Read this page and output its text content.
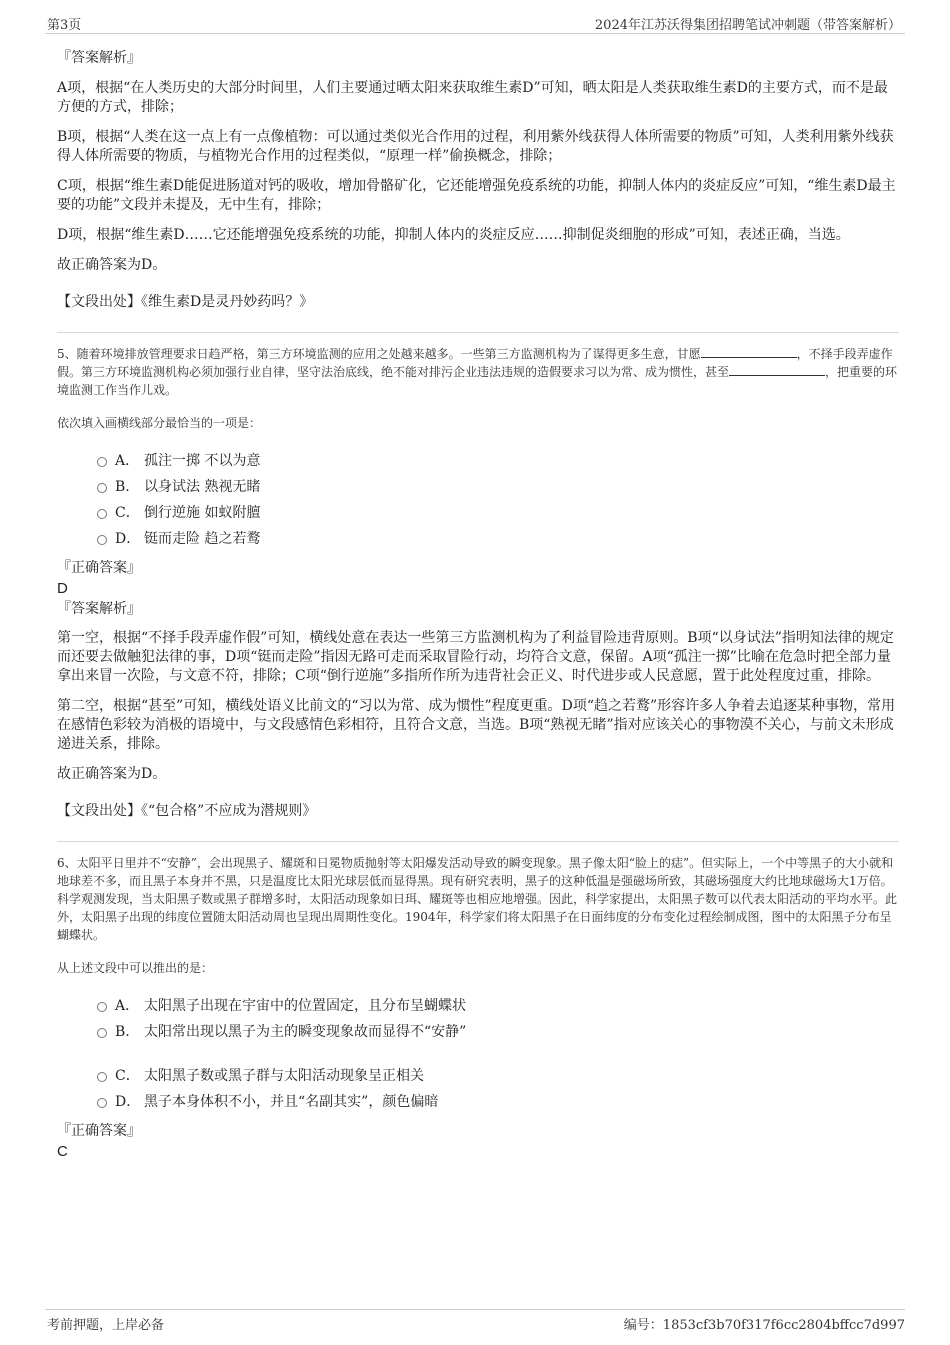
第3页	2024年江苏沃得集团招聘笔试冲刺题（带答案解析）
『答案解析』

A项，根据“在人类历史的大部分时间里，人们主要通过晒太阳来获取维生素D”可知，晒太阳是人类获取维生素D的主要方式，而不是最方便的方式，排除；

B项，根据“人类在这一点上有一点像植物：可以通过类似光合作用的过程，利用紫外线获得人体所需要的物质”可知，人类利用紫外线获得人体所需要的物质，与植物光合作用的过程类似，“原理一样”偷换概念，排除；

C项，根据“维生素D能促进肠道对钙的吸收，增加骨骼矿化，它还能增强免疫系统的功能，抑制人体内的炎症反应”可知，“维生素D最主要的功能”文段并未提及，无中生有，排除；

D项，根据“维生素D……它还能增强免疫系统的功能，抑制人体内的炎症反应……抑制促炎细胞的形成”可知，表述正确，当选。

故正确答案为D。

【文段出处】《维生素D是灵丹妙药吗？》

5、随着环境排放管理要求日趋严格，第三方环境监测的应用之处越来越多。一些第三方监测机构为了谋得更多生意，甘愿	，不择手段弄虚作假。第三方环境监测机构必须加强行业自律，坚守法治底线，绝不能对排污企业违法违规的造假要求习以为常、成为惯性，甚至	，把重要的环境监测工作当作儿戏。

依次填入画横线部分最恰当的一项是：

A． 孤注一掷 不以为意
B. 以身试法 熟视无睹
C． 倒行逆施 如蚁附膻
D． 铤而走险 趋之若鹜
『正确答案』
D
『答案解析』

第一空，根据“不择手段弄虚作假”可知，横线处意在表达一些第三方监测机构为了利益冒险违背原则。B项“以身试法”指明知法律的规定而还要去做触犯法律的事，D项“铤而走险”指因无路可走而采取冒险行动，均符合文意，保留。A项“孤注一掷”比喻在危急时把全部力量拿出来冒一次险，与文意不符，排除；C项“倒行逆施”多指所作所为违背社会正义、时代进步或人民意愿，置于此处程度过重，排除。

第二空，根据“甚至”可知，横线处语义比前文的“习以为常、成为惯性”程度更重。D项“趋之若鹜”形容许多人争着去追逐某种事物，常用在感情色彩较为消极的语境中，与文段感情色彩相符，且符合文意，当选。B项“熟视无睹”指对应该关心的事物漠不关心，与前文未形成递进关系，排除。

故正确答案为D。

【文段出处】《“包合格”不应成为潜规则》

6、太阳平日里并不“安静”，会出现黑子、耀斑和日冕物质抛射等太阳爆发活动导致的瞬变现象。黑子像太阳“脸上的痣”。但实际上，一个中等黑子的大小就和地球差不多，而且黑子本身并不黑，只是温度比太阳光球层低而显得黑。现有研究表明，黑子的这种低温是强磁场所致，其磁场强度大约比地球磁场大1万倍。科学观测发现，当太阳黑子数或黑子群增多时，太阳活动现象如日珥、耀斑等也相应地增强。因此，科学家提出，太阳黑子数可以代表太阳活动的平均水平。此外，太阳黑子出现的纬度位置随太阳活动周也呈现出周期性变化。1904年，科学家们将太阳黑子在日面纬度的分布变化过程绘制成图，图中的太阳黑子分布呈蝴蝶状。

从上述文段中可以推出的是：

A． 太阳黑子出现在宇宙中的位置固定，且分布呈蝴蝶状
B. 太阳常出现以黑子为主的瞬变现象故而显得不“安静”
C． 太阳黑子数或黑子群与太阳活动现象呈正相关
D． 黑子本身体积不小，并且“名副其实”，颜色偏暗
『正确答案』
C
考前押题，上岸必备	编号：1853cf3b70f317f6cc2804bffcc7d997
